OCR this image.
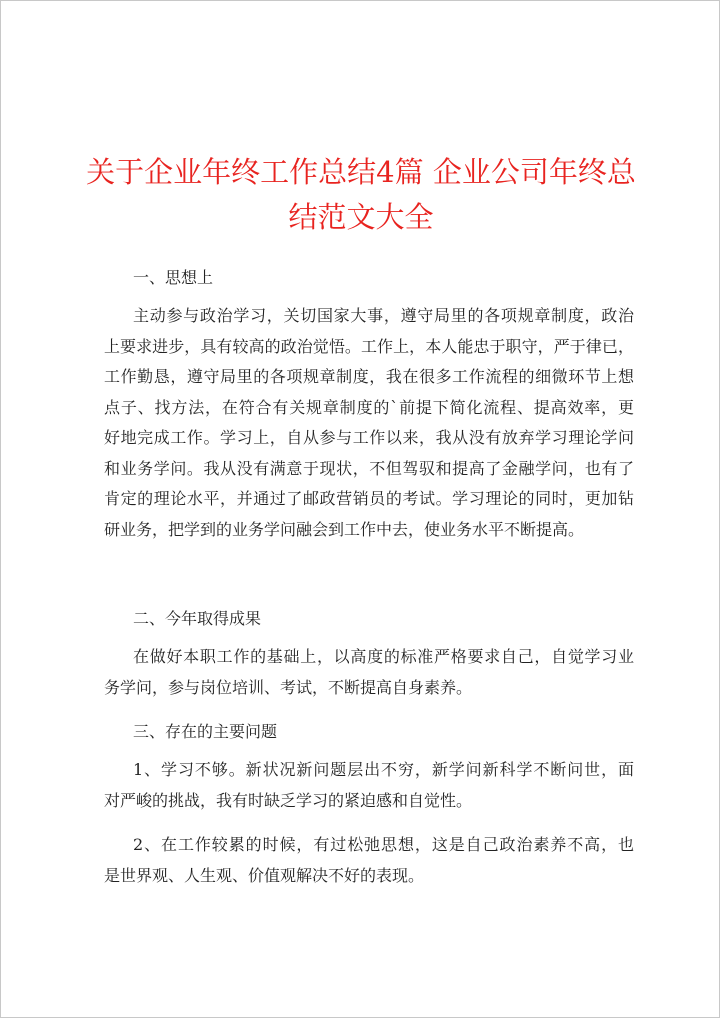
关于企业年终工作总结4篇 企业公司年终总
结范文大全
一、思想上
主动参与政治学习，关切国家大事，遵守局里的各项规章制度，政治
上要求进步，具有较高的政治觉悟。工作上，本人能忠于职守，严于律已，
工作勤恳，遵守局里的各项规章制度，我在很多工作流程的细微环节上想
点子、找方法，在符合有关规章制度的`前提下简化流程、提高效率，更
好地完成工作。学习上，自从参与工作以来，我从没有放弃学习理论学问
和业务学问。我从没有满意于现状，不但驾驭和提高了金融学问，也有了
肯定的理论水平，并通过了邮政营销员的考试。学习理论的同时，更加钻
研业务，把学到的业务学问融会到工作中去，使业务水平不断提高。
二、今年取得成果
在做好本职工作的基础上，以高度的标准严格要求自己，自觉学习业
务学问，参与岗位培训、考试，不断提高自身素养。
三、存在的主要问题
1、学习不够。新状况新问题层出不穷，新学问新科学不断问世，面
对严峻的挑战，我有时缺乏学习的紧迫感和自觉性。
2、在工作较累的时候，有过松弛思想，这是自己政治素养不高，也
是世界观、人生观、价值观解决不好的表现。
